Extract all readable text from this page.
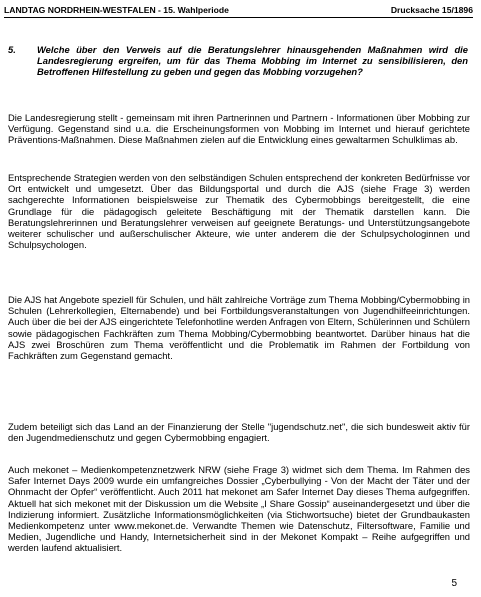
LANDTAG NORDRHEIN-WESTFALEN - 15. Wahlperiode	Drucksache 15/1896
5. Welche über den Verweis auf die Beratungslehrer hinausgehenden Maßnahmen wird die Landesregierung ergreifen, um für das Thema Mobbing im Internet zu sensibilisieren, den Betroffenen Hilfestellung zu geben und gegen das Mobbing vorzugehen?

Die Landesregierung stellt - gemeinsam mit ihren Partnerinnen und Partnern - Informationen über Mobbing zur Verfügung. Gegenstand sind u.a. die Erscheinungsformen von Mobbing im Internet und hierauf gerichtete Präventions-Maßnahmen. Diese Maßnahmen zielen auf die Entwicklung eines gewaltarmen Schulklimas ab.

Entsprechende Strategien werden von den selbständigen Schulen entsprechend der konkreten Bedürfnisse vor Ort entwickelt und umgesetzt. Über das Bildungsportal und durch die AJS (siehe Frage 3) werden sachgerechte Informationen beispielsweise zur Thematik des Cybermobbings bereitgestellt, die eine Grundlage für die pädagogisch geleitete Beschäftigung mit der Thematik darstellen kann. Die Beratungslehrerinnen und Beratungslehrer verweisen auf geeignete Beratungs- und Unterstützungsangebote weiterer schulischer und außerschulischer Akteure, wie unter anderem die der Schulpsychologinnen und Schulpsychologen.

Die AJS hat Angebote speziell für Schulen, und hält zahlreiche Vorträge zum Thema Mobbing/Cybermobbing in Schulen (Lehrerkollegien, Elternabende) und bei Fortbildungsveranstaltungen von Jugendhilfeeinrichtungen. Auch über die bei der AJS eingerichtete Telefonhotline werden Anfragen von Eltern, Schülerinnen und Schülern sowie pädagogischen Fachkräften zum Thema Mobbing/Cybermobbing beantwortet. Darüber hinaus hat die AJS zwei Broschüren zum Thema veröffentlicht und die Problematik im Rahmen der Fortbildung von Fachkräften zum Gegenstand gemacht.

Zudem beteiligt sich das Land an der Finanzierung der Stelle "jugendschutz.net", die sich bundesweit aktiv für den Jugendmedienschutz und gegen Cybermobbing engagiert.

Auch mekonet – Medienkompetenznetzwerk NRW (siehe Frage 3) widmet sich dem Thema. Im Rahmen des Safer Internet Days 2009 wurde ein umfangreiches Dossier „Cyberbullying - Von der Macht der Täter und der Ohnmacht der Opfer“ veröffentlicht. Auch 2011 hat mekonet am Safer Internet Day dieses Thema aufgegriffen. Aktuell hat sich mekonet mit der Diskussion um die Website „I Share Gossip“ auseinandergesetzt und über die Indizierung informiert. Zusätzliche Informationsmöglichkeiten (via Stichwortsuche) bietet der Grundbaukasten Medienkompetenz unter www.mekonet.de. Verwandte Themen wie Datenschutz, Filtersoftware, Familie und Medien, Jugendliche und Handy, Internetsicherheit sind in der Mekonet Kompakt – Reihe aufgegriffen und werden laufend aktualisiert.

5
